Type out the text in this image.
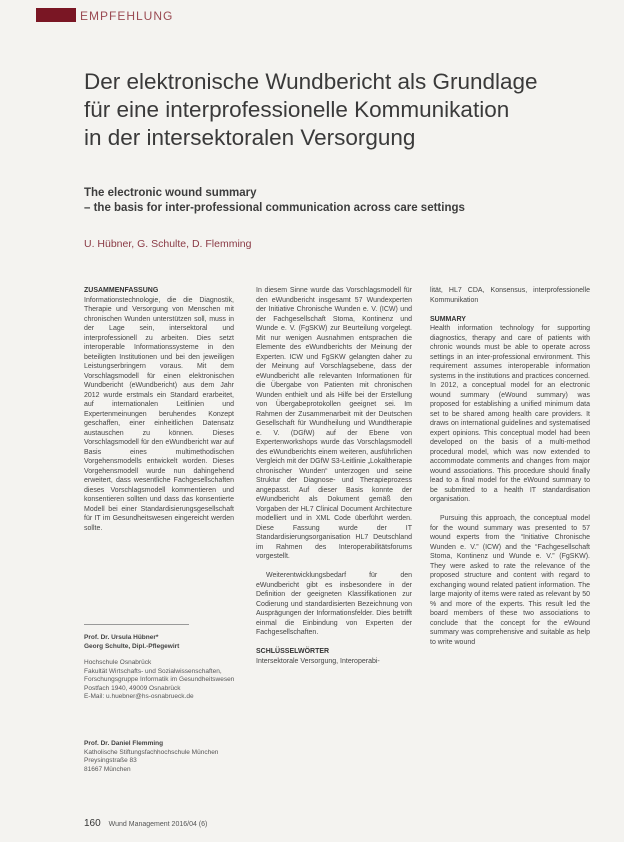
EMPFEHLUNG
Der elektronische Wundbericht als Grundlage
für eine interprofessionelle Kommunikation
in der intersektoralen Versorgung
The electronic wound summary
– the basis for inter-professional communication across care settings
U. Hübner, G. Schulte, D. Flemming
ZUSAMMENFASSUNG

Informationstechnologie, die die Diagnostik, Therapie und Versorgung von Menschen mit chronischen Wunden unterstützen soll, muss in der Lage sein, intersektoral und interprofessionell zu arbeiten. Dies setzt interoperable Informationssysteme in den beteiligten Institutionen und bei den jeweiligen Leistungserbringern voraus. Mit dem Vorschlagsmodell für einen elektronischen Wundbericht (eWundbericht) aus dem Jahr 2012 wurde erstmals ein Standard erarbeitet, auf internationalen Leitlinien und Expertenmeinungen beruhendes Konzept geschaffen, einer einheitlichen Datensatz austauschen zu können. Dieses Vorschlagsmodell für den eWundbericht war auf Basis eines multimethodischen Vorgehensmodells entwickelt worden. Dieses Vorgehensmodell wurde nun dahingehend erweitert, dass wesentliche Fachgesellschaften dieses Vorschlagsmodell kommentieren und konsentieren sollten und dass das konsentierte Modell bei einer Standardisierungsgesellschaft für IT im Gesundheitswesen eingereicht werden sollte.

In diesem Sinne wurde das Vorschlagsmodell für den eWundbericht insgesamt 57 Wundexperten der Initiative Chronische Wunden e. V. (ICW) und der Fachgesellschaft Stoma, Kontinenz und Wunde e. V. (FgSKW) zur Beurteilung vorgelegt. Mit nur wenigen Ausnahmen entsprachen die Elemente des eWundberichts der Meinung der Experten. ICW und FgSKW gelangten daher zu der Meinung auf Vorschlagsebene, dass der eWundbericht alle relevanten Informationen für die Übergabe von Patienten mit chronischen Wunden enthielt und als Hilfe bei der Erstellung von Übergabeprotokollen geeignet sei. Im Rahmen der Zusammenarbeit mit der Deutschen Gesellschaft für Wundheilung und Wundtherapie e. V. (DGfW) auf der Ebene von Expertenworkshops wurde das Vorschlagsmodell des eWundberichts einem weiteren, ausführlichen Vergleich mit der DGfW S3-Leitlinie „Lokaltherapie chronischer Wunden“ unterzogen und seine Struktur der Diagnose- und Therapieprozess angepasst. Auf dieser Basis konnte der eWundbericht als Dokument gemäß den Vorgaben der HL7 Clinical Document Architecture modelliert und in XML Code überführt werden. Diese Fassung wurde der IT Standardisierungsorganisation HL7 Deutschland im Rahmen des Interoperabilitätsforums vorgestellt.

Weiterentwicklungsbedarf für den eWundbericht gibt es insbesondere in der Definition der geeigneten Klassifikationen zur Codierung und standardisierten Bezeichnung von Ausprägungen der Informationsfelder. Dies betrifft einmal die Einbindung von Experten der Fachgesellschaften.

SCHLÜSSELWÖRTER
Intersektorale Versorgung, Interoperabi-

lität, HL7 CDA, Konsensus, interprofessionelle Kommunikation

SUMMARY

Health information technology for supporting diagnostics, therapy and care of patients with chronic wounds must be able to operate across settings in an inter-professional environment. This requirement assumes interoperable information systems in the institutions and practices concerned. In 2012, a conceptual model for an electronic wound summary (eWound summary) was proposed for establishing a unified minimum data set to be shared among health care providers. It draws on international guidelines and systematised expert opinions. This conceptual model had been developed on the basis of a multi-method procedural model, which was now extended to accommodate comments and changes from major wound associations. This procedure should finally lead to a final model for the eWound summary to be submitted to a health IT standardisation organisation.

Pursuing this approach, the conceptual model for the wound summary was presented to 57 wound experts from the “Initiative Chronische Wunden e. V.” (ICW) and the “Fachgesellschaft Stoma, Kontinenz und Wunde e. V.” (FgSKW). They were asked to rate the relevance of the proposed structure and content with regard to exchanging wound related patient information. The large majority of items were rated as relevant by 50 % and more of the experts. This result led the board members of these two associations to conclude that the concept for the eWound summary was comprehensive and suitable as help to write wound

Prof. Dr. Ursula Hübner*
Georg Schulte, Dipl.-Pflegewirt
Hochschule Osnabrück
Fakultät Wirtschafts- und Sozialwissenschaften, Forschungsgruppe Informatik im Gesundheitswesen
Postfach 1940, 49009 Osnabrück
E-Mail: u.huebner@hs-osnabrueck.de
Prof. Dr. Daniel Flemming
Katholische Stiftungsfachhochschule München
Preysingstraße 83
81667 München
160 Wund Management 2016/04 (6)
